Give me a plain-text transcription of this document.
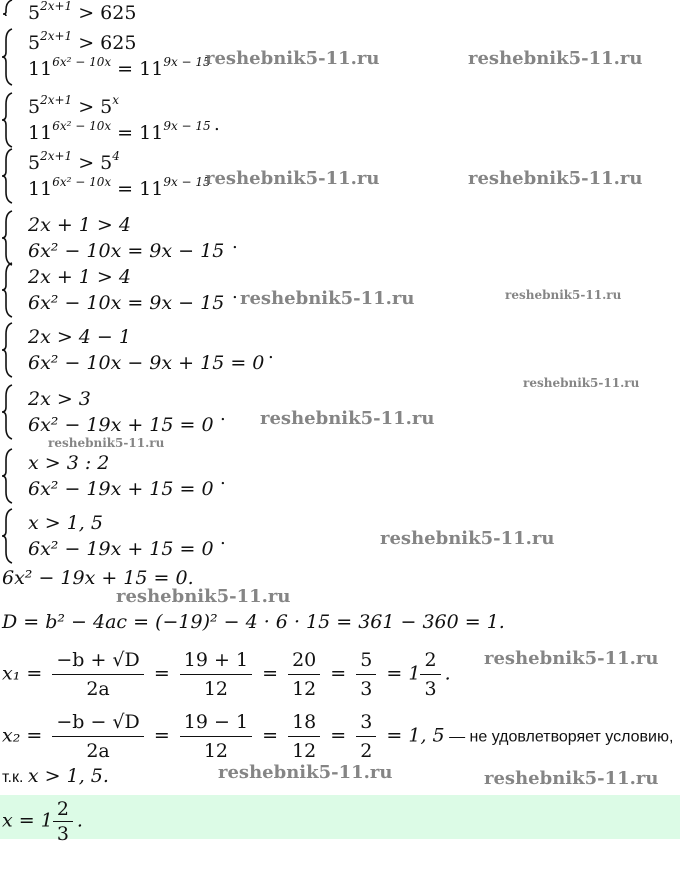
$5^{2x+1} > 625$
$5^{2x+1} > 625$
$11^{6x^2 - 10x} = 11^{9x - 15}$
$5^{2x+1} > 5^x$
$11^{6x^2 - 10x} = 11^{9x - 15}$ .
$5^{2x+1} > 5^4$
$11^{6x^2 - 10x} = 11^{9x - 15}$
2x + 1 > 4
6x² − 10x = 9x − 15 .
2x + 1 > 4
6x² − 10x = 9x − 15 .
2x > 4 − 1
6x² − 10x − 9x + 15 = 0 .
2x > 3
6x² − 19x + 15 = 0 .
x > 3 : 2
6x² − 19x + 15 = 0 .
x > 1, 5
6x² − 19x + 15 = 0 .
6x² − 19x + 15 = 0.
D = b² − 4ac = (−19)² − 4 · 6 · 15 = 361 − 360 = 1.
$x_1 = \frac{-b + √D}{2a} = \frac{19 + 1}{12} = \frac{20}{12} = \frac{5}{3} = 1 \frac{2}{3}$ .
$x_2 = \frac{-b - √D}{2a} = \frac{19 - 1}{12} = \frac{18}{12} = \frac{3}{2} = 1$, 5 — не удовлетворяет условию,
т.к. x > 1, 5.
$x = 1 \frac{2}{3}$ .
reshebnik5-11.ru	reshebnik5-11.ru
reshebnik5-11.ru	reshebnik5-11.ru
reshebnik5-11.ru	reshebnik5-11.ru
reshebnik5-11.ru
reshebnik5-11.ru
reshebnik5-11.ru
reshebnik5-11.ru
reshebnik5-11.ru
reshebnik5-11.ru
reshebnik5-11.ru	reshebnik5-11.ru
